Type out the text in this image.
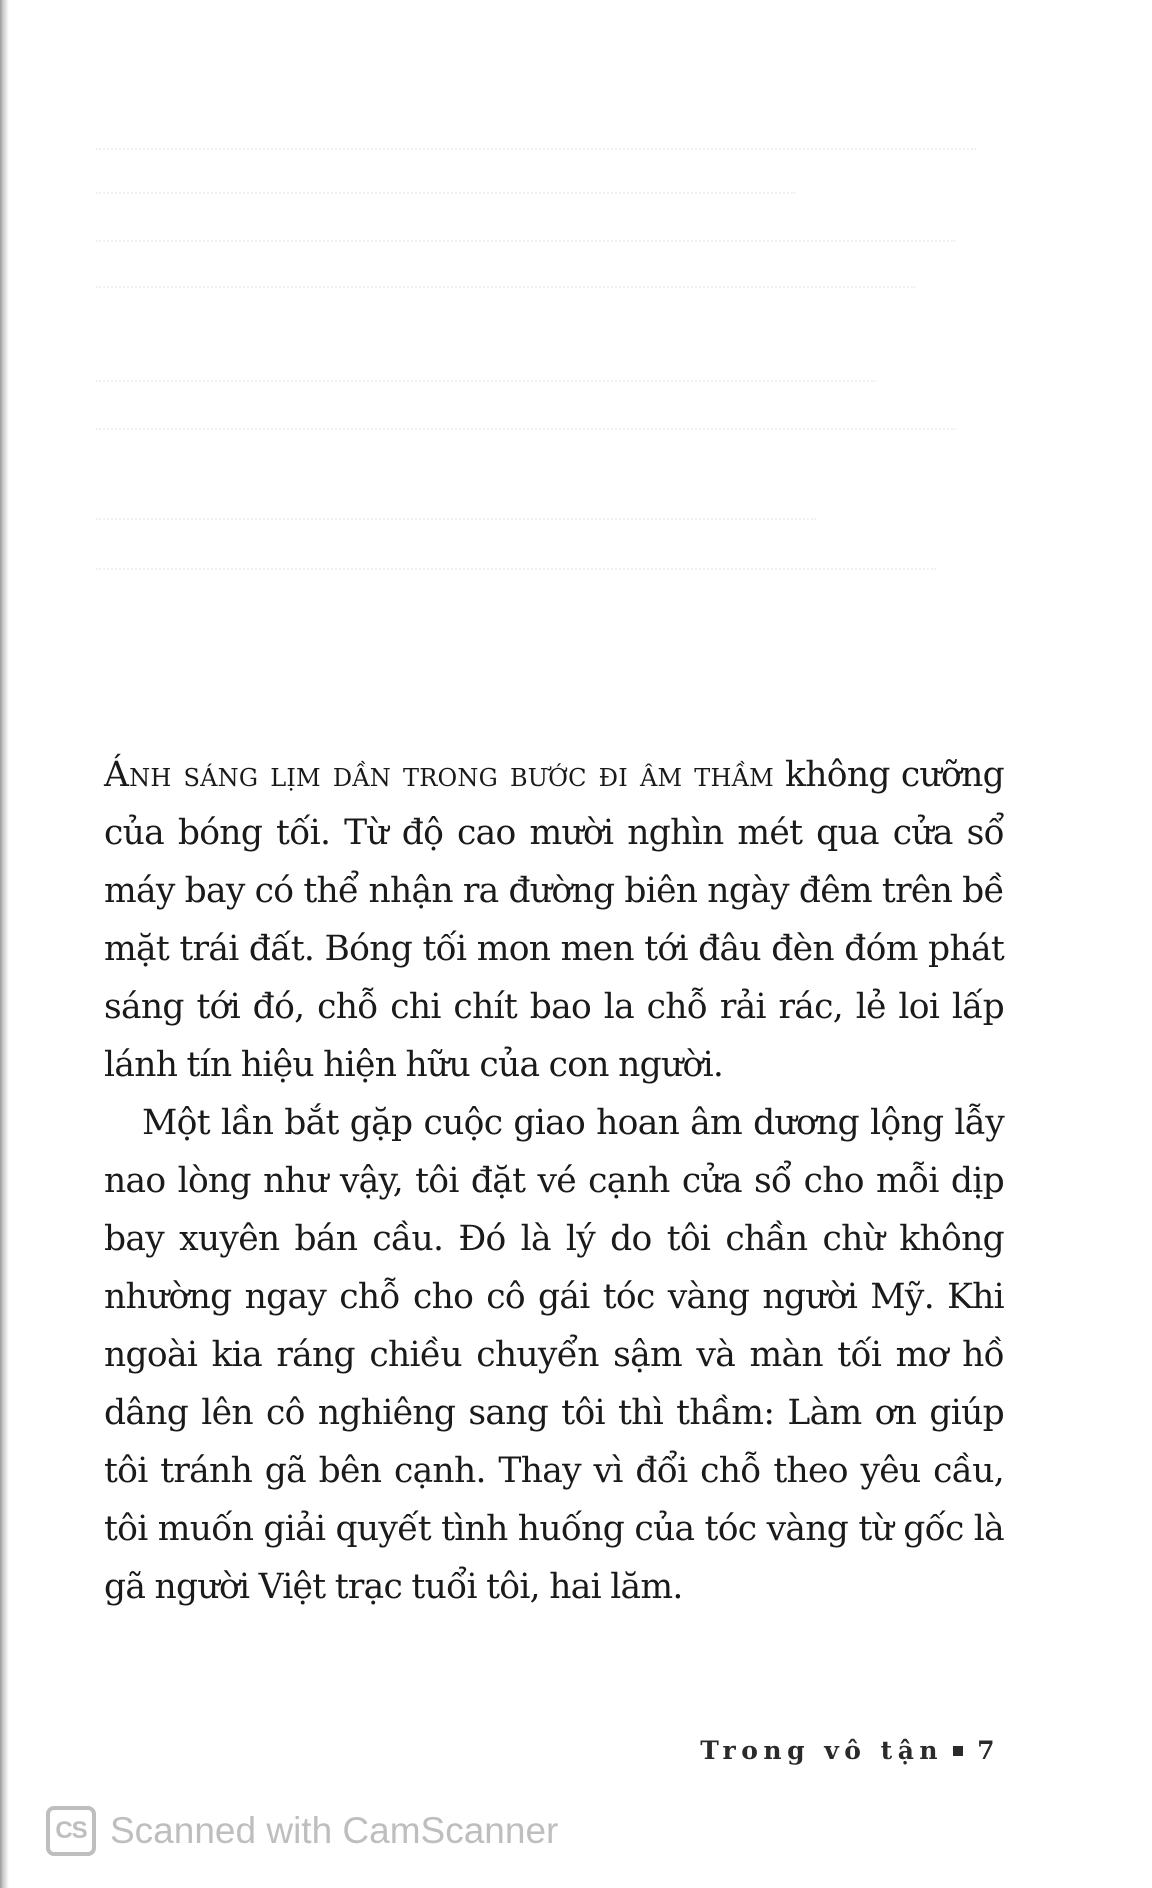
Ánh sáng lịm dần trong bước đi âm thầm không cưỡng của bóng tối. Từ độ cao mười nghìn mét qua cửa sổ máy bay có thể nhận ra đường biên ngày đêm trên bề mặt trái đất. Bóng tối mon men tới đâu đèn đóm phát sáng tới đó, chỗ chi chít bao la chỗ rải rác, lẻ loi lấp lánh tín hiệu hiện hữu của con người.

Một lần bắt gặp cuộc giao hoan âm dương lộng lẫy nao lòng như vậy, tôi đặt vé cạnh cửa sổ cho mỗi dịp bay xuyên bán cầu. Đó là lý do tôi chần chừ không nhường ngay chỗ cho cô gái tóc vàng người Mỹ. Khi ngoài kia ráng chiều chuyển sậm và màn tối mơ hồ dâng lên cô nghiêng sang tôi thì thầm: Làm ơn giúp tôi tránh gã bên cạnh. Thay vì đổi chỗ theo yêu cầu, tôi muốn giải quyết tình huống của tóc vàng từ gốc là gã người Việt trạc tuổi tôi, hai lăm.

Trong vô tận 7
CS Scanned with CamScanner
